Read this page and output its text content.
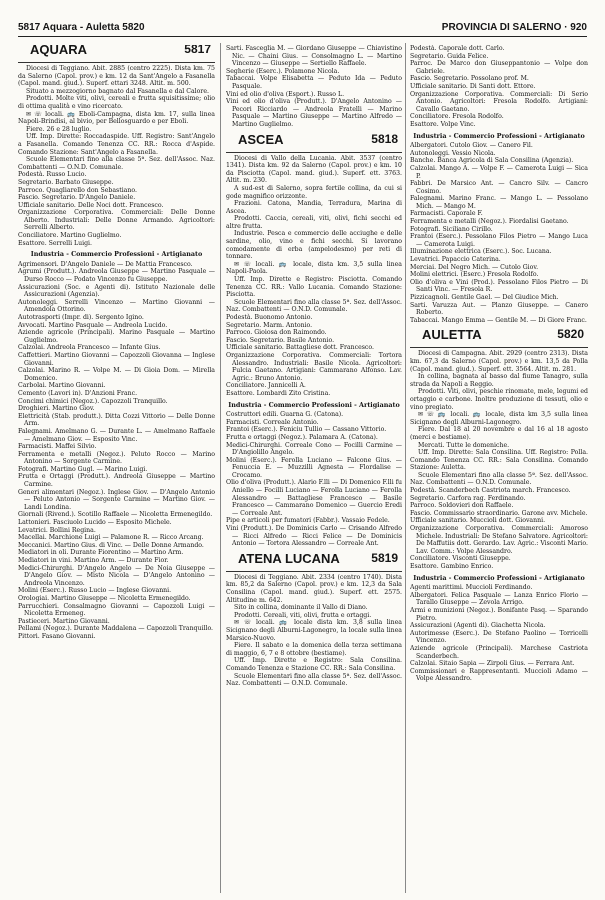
5817 Aquara - Auletta 5820	PROVINCIA DI SALERNO · 920
AQUARA	5817

Diocesi di Teggiano. Abit. 2885 (centro 2225). Dista km. 75 da Salerno (Capol. prov.) e km. 12 da Sant'Angelo a Fasanella (Capol. mand. giud.). Superf. ettari 3248. Altit. m. 500.

Situato a mezzogiorno bagnato dal Fasanella e dal Calore.

Prodotti. Molte viti, olivi, cereali e frutta squisitissime; olio di ottima qualità e vino ricercato.

✉ ☏ locali. 🚌 Eboli-Campagna, dista km. 17, sulla linea Napoli-Brindisi, al bivio, per Bellosguardo e per Eboli.

Fiere. 26 e 28 luglio.

Uff. Imp. Dirette: Roccadaspide. Uff. Registro: Sant'Angelo a Fasanella. Comando Tenenza CC. RR.: Rocca d'Aspide. Comando Stazione: Sant'Angelo a Fasanella.

Scuole Elementari fino alla classe 5ª. Sez. dell'Assoc. Naz. Combattenti — O.N.D. Comunale.

Podestà. Russo Lucio.

Segretario. Barbato Giuseppe.

Parroco. Quagliarello don Sebastiano.

Fascio. Segretario. D'Angelo Daniele.

Ufficiale sanitario. Delle Noci dott. Francesco.

Organizzazione Corporativa. Commerciali: Delle Donne Alberto. Industriali: Delle Donne Armando. Agricoltori: Serrelli Alberto.

Conciliatore. Martino Guglielmo.

Esattore. Serrelli Luigi.

Industria - Commercio Professioni - Artigianato

Agrimensori. D'Angelo Daniele — De Mattia Francesco.

Agrumi (Produtt.). Andreola Giuseppe — Martino Pasquale — Durso Rocco — Podato Vincenzo fu Giuseppe.

Assicurazioni (Soc. e Agenti di). Istituto Nazionale delle Assicurazioni (Agenzia).

Autonoleggi. Serrelli Vincenzo — Martino Giovanni — Amendola Ottorino.

Autotrasporti (Impr. di). Sergento Igino.

Avvocati. Martino Pasquale — Andreola Lucido.

Aziende agricole (Principali). Marino Pasquale — Martino Guglielmo.

Calzolai. Andreola Francesco — Infante Gius.

Caffettieri. Martino Giovanni — Capozzoli Giovanna — Inglese Giovanni.

Calzolai. Marino R. — Volpe M. — Di Gioia Dom. — Mirella Domenico.

Carbolai. Martino Giovanni.

Cemento (Lavori in). D'Anzioni Franc.

Concimi chimici (Negoz.). Capozzoli Tranquillo.

Droghieri. Martino Giov.

Elettricità (Stab. produtt.). Ditta Cozzi Vittorio — Delle Donne Arm.

Falegnami. Amelmano G. — Durante L. — Amelmano Raffaele — Amelmano Giov. — Esposito Vinc.

Farmacisti. Maffei Silvio.

Ferramenta e metalli (Negoz.). Peluto Rocco — Marino Antonino — Sorgente Carmine.

Fotografi. Martino Gugl. — Marino Luigi.

Frutta e Ortaggi (Produtt.). Andreola Giuseppe — Martino Carmine.

Generi alimentari (Negoz.). Inglese Giov. — D'Angelo Antonio — Peluto Antonio — Sorgente Carmine — Martino Giov. — Landi Londina.

Giornali (Rivend.). Scotillo Raffaele — Nicoletta Ermenegildo.

Lattonieri. Fasciuolo Lucido — Esposito Michele.

Levatrici. Bollini Regina.

Macellai. Marchione Luigi — Palamone R. — Ricco Arcang.

Meccanici. Martino Gius. di Vinc. — Delle Donne Armando.

Mediatori in oli. Durante Fiorentino — Martino Arm.

Mediatori in vini. Martino Arm. — Durante Fior.

Medici-Chirurghi. D'Angelo Angelo — De Noia Giuseppe — D'Angelo Giov. — Misto Nicola — D'Angelo Antonino — Andreola Vincenzo.

Molini (Eserc.). Russo Lucio — Inglese Giovanni.

Orologiai. Martino Giuseppe — Nicoletta Ermenegildo.

Parrucchieri. Consalmagno Giovanni — Capozzoli Luigi — Nicoletta Ermeneg.

Pastieceri. Martino Giovanni.

Pellami (Negoz.). Durante Maddalena — Capozzoli Tranquillo.

Pittori. Fasano Giovanni.

Sarti. Fasceglia M. — Giordano Giuseppe — Chiavistino Nic. — Chaini Gius. — Consolmagno L. — Martino Vincenzo — Giuseppe — Sertiello Raffaele.

Segherie (Eserc.). Polamone Nicola.

Tabaccai. Volpe Elisabetta — Peduto Ida — Peduto Pasquale.

Vini ed olio d'oliva (Esport.). Russo L.

Vini ed olio d'oliva (Produtt.). D'Angelo Antonino — Pecori Ricciardo — Andreola Fratelli — Marino Pasquale — Martino Giuseppe — Martino Alfredo — Martino Guglielmo.

ASCEA	5818

Diocesi di Vallo della Lucania. Abit. 3537 (centro 1341). Dista km. 92 da Salerno (Capol. prov.) e km. 10 da Pisciotta (Capol. mand. giud.). Superf. ett. 3763. Altit. m. 230.

A sud-est di Salerno, sopra fertile collina, da cui si gode magnifico orizzonte.

Frazioni. Catona, Mandia, Terradura, Marina di Ascea.

Prodotti. Caccia, cereali, viti, olivi, fichi secchi ed altre frutta.

Industrie. Pesca e commercio delle acciughe e delle sardine, olio, vino e fichi secchi. Si lavorano comodamente di erba (ampelodesmo) per reti di tonnare.

✉ ☏ locali. 🚌 locale, dista km. 3,5 sulla linea Napoli-Paola.

Uff. Imp. Dirette e Registro: Pisciotta. Comando Tenenza CC. RR.: Vallo Lucania. Comando Stazione: Pisciotta.

Scuole Elementari fino alla classe 5ª. Sez. dell'Assoc. Naz. Combattenti — O.N.D. Comunale.

Podestà. Buonomo Antonio.

Segretario. Marm. Antonio.

Parroco. Gioiosa don Raimondo.

Fascio. Segretario. Basile Antonio.

Ufficiale sanitario. Battagliese dott. Francesco.

Organizzazione Corporativa. Commerciali: Tortora Alessandro. Industriali: Basile Nicola. Agricoltori: Fulcia Gaetano. Artigiani: Cammarano Alfonso. Lav. Agric.: Bruno Antonio.

Conciliatore. Jannicelli A.

Esattore. Lombardi Zito Cristina.

Industria - Commercio Professioni - Artigianato

Costruttori edili. Guarna G. (Catona).

Farmacisti. Correale Antonio.

Frantoi (Eserc.). Feniciu Tullio — Cassano Vittorio.

Frutta e ortaggi (Negoz.). Palamara A. (Catona).

Medici-Chirurghi. Correale Cono — Focilli Carmine — D'Angiolillo Angelo.

Molini (Eserc.). Ferolla Luciano — Falcone Gius. — Fenuccia E. — Muzzilli Agnesta — Flordalise — Crocamo.

Olio d'oliva (Produtt.). Alario F.lli — Di Domenico F.lli fu Aniello — Focilli Luciano — Ferolla Luciano — Ferolla Alessandro — Battagliese Francesco — Basile Francesco — Cammarano Domenico — Guercio Eredi — Correale Ant.

Pipe e articoli per fumatori (Fabbr.). Vassaio Fedele.

Vini (Produtt.). De Dominicis Carlo — Crisando Alfredo — Ricci Alfredo — Ricci Felice — De Dominicis Antonio — Tortora Alessandro — Correale Ant.

ATENA LUCANA	5819

Diocesi di Teggiano. Abit. 2334 (centro 1740). Dista km. 85,2 da Salerno (Capol. prov.) e km. 12,3 da Sala Consilina (Capol. mand. giud.). Superf. ett. 2575. Altitudine m. 642.

Sito in collina, dominante il Vallo di Diano.

Prodotti. Cereali, viti, olivi, frutta e ortaggi.

✉ ☏ locali. 🚌 locale dista km. 3,8 sulla linea Sicignano degli Alburni-Lagonegro, la locale sulla linea Marsico-Nuovo.

Fiere. Il sabato e la domenica della terza settimana di maggio, 6, 7 e 8 ottobre (bestiame).

Uff. Imp. Dirette e Registro: Sala Consilina. Comando Tenenza e Stazione CC. RR.: Sala Consilina.

Scuole Elementari fino alla classe 5ª. Sez. dell'Assoc. Naz. Combattenti — O.N.D. Comunale.

Podestà. Caporale dott. Carlo.

Segretario. Guida Felice.

Parroc. De Marco don Giuseppantonio — Volpe don Gabriele.

Fascio. Segretario. Possolano prof. M.

Ufficiale sanitario. Di Santi dott. Ettore.

Organizzazione Corporativa. Commerciali: Di Serio Antonio. Agricoltori: Fresola Rodolfo. Artigiani: Cavallo Gaetano.

Conciliatore. Fresola Rodolfo.

Esattore. Volpe Vinc.

Industria - Commercio Professioni - Artigianato

Albergatori. Cutolo Giov. — Canero Fil.

Autonoleggi. Vessio Nicola.

Banche. Banca Agricola di Sala Consilina (Agenzia).

Calzolai. Mango A. — Volpe F. — Camerota Luigi — Sica P.

Fabbri. De Marsico Ant. — Cancro Silv. — Cancro Cosimo.

Falegnami. Marino Franc. — Mango L. — Pessolano Mich. — Mango M.

Farmacisti. Caporale F.

Ferramenta e metalli (Negoz.). Fiordalisi Gaetano.

Fotografi. Siciliano Cirillo.

Frantoi (Eserc.). Pessolano Filos Pietro — Mango Luca — Camerota Luigi.

Illuminazione elettrica (Eserc.). Soc. Lucana.

Levatrici. Papaccio Caterina.

Merciai. Del Negro Mich. — Cutolo Giov.

Molini elettrici. (Eserc.) Fresola Rodolfo.

Olio d'oliva e Vini (Prod.). Pessolano Filos Pietro — Di Santi Vinc. — Fresola R.

Pizzicagnoli. Gentile Gael. — Del Giudice Mich.

Sarti. Varuzza Aut. — Planzo Giuseppe. — Canero Roberto.

Tabaccai. Mango Emma — Gentile M. — Di Giore Franc.

AULETTA	5820

Diocesi di Campagna. Abit. 2929 (centro 2313). Dista km. 67,3 da Salerno (Capol. prov.) e km. 13,5 da Polla (Capol. mand. giud.). Superf. ett. 3564. Altit. m. 281.

In collina, bagnata al basso dal fiume Tanagro, sulla strada da Napoli a Reggio.

Prodotti. Viti, olivi, peschie rinomate, mele, legumi ed ortaggio e carbone. Inoltre produzione di tessuti, olio e vino pregiato.

✉ ☏ 🚌 locali. 🚌 locale, dista km 3,5 sulla linea Sicignano degli Alburni-Lagonegro.

Fiere. Dal 18 al 20 novembre e dal 16 al 18 agosto (merci e bestiame).

Mercati. Tutte le domeniche.

Uff. Imp. Dirette: Sala Consilina. Uff. Registro: Polla. Comando Tenenza CC. RR.: Sala Consilina. Comando Stazione: Auletta.

Scuole Elementari fino alla classe 5ª. Sez. dell'Assoc. Naz. Combattenti — O.N.D. Comunale.

Podestà. Scanderbech Castriota march. Francesco.

Segretario. Carfora rag. Ferdinando.

Parroco. Soldovieri don Raffaele.

Fascio. Commissario straordinario. Garone avv. Michele.

Ufficiale sanitario. Muccioli dott. Giovanni.

Organizzazione Corporativa. Commerciali: Amoroso Michele. Industriali: De Stefano Salvatore. Agricoltori: De Maffutiis dott. Gerardo. Lav. Agric.: Visconti Mario. Lav. Comm.: Volpe Alessandro.

Conciliatore. Visconti Giuseppe.

Esattore. Gambino Enrico.

Industria - Commercio Professioni - Artigianato

Agenti marittimi. Muccioli Ferdinando.

Albergatori. Felica Pasquale — Lanza Enrico Florio — Tarallo Giuseppe — Zevola Arrigo.

Armi e munizioni (Negoz.). Bonifante Pasq. — Sparando Pietro.

Assicurazioni (Agenti di). Giachetta Nicola.

Autorimesse (Eserc.). De Stefano Paolino — Torricelli Vincenzo.

Aziende agricole (Principali). Marchese Castriota Scanderbech.

Calzolai. Sitaio Sapia — Zirpoli Gius. — Ferrara Ant.

Commissionari e Rappresentanti. Muccioli Adamo — Volpe Alessandro.
